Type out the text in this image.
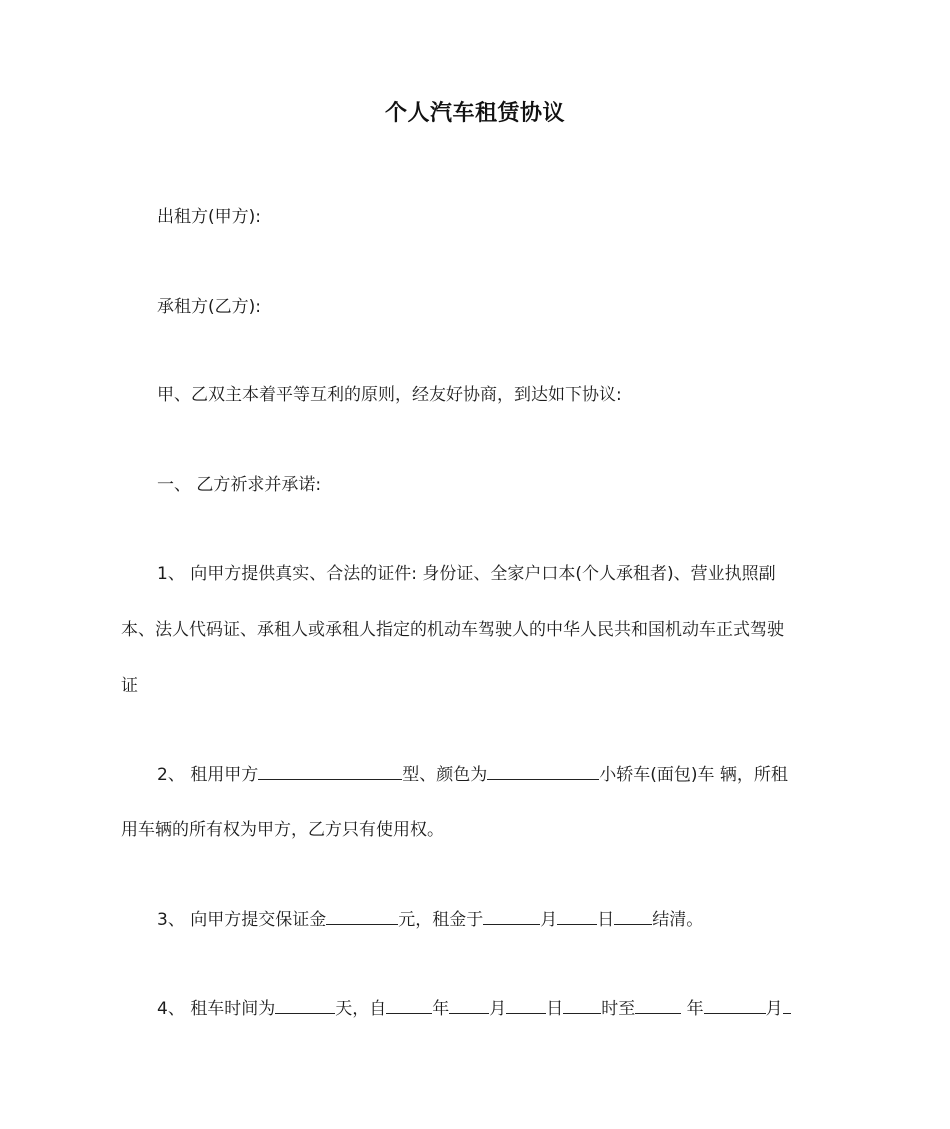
个人汽车租赁协议
出租方(甲方):
承租方(乙方):
甲、乙双主本着平等互利的原则，经友好协商，到达如下协议:
一、 乙方祈求并承诺:
1、 向甲方提供真实、合法的证件: 身份证、全家户口本(个人承租者)、营业执照副
本、法人代码证、承租人或承租人指定的机动车驾驶人的中华人民共和国机动车正式驾驶
证
2、 租用甲方	型、颜色为	小轿车(面包)车 辆，所租
用车辆的所有权为甲方，乙方只有使用权。
3、 向甲方提交保证金	元，租金于	月 日 结清。
4、 租车时间为	天，自	年 月 日 时至	年	月
